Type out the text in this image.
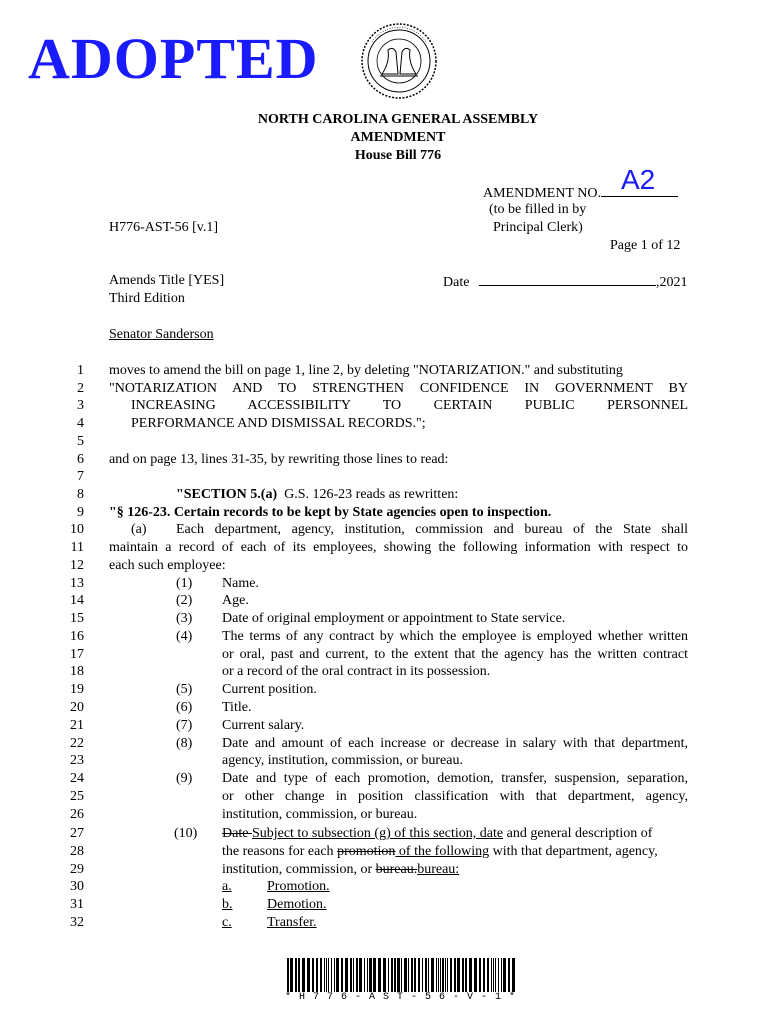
ADOPTED
NORTH CAROLINA GENERAL ASSEMBLY
AMENDMENT
House Bill 776
AMENDMENT NO. A2
(to be filled in by
Principal Clerk)
H776-AST-56 [v.1]
Page 1 of 12
Amends Title [YES]
Third Edition
Date	,2021
Senator Sanderson
1
2
3
4
5
6
7
8
9
10
11
12
13
14
15
16
17
18
19
20
21
22
23
24
25
26
27
28
29
30
31
32
moves to amend the bill on page 1, line 2, by deleting "NOTARIZATION." and substituting
"NOTARIZATION AND TO STRENGTHEN CONFIDENCE IN GOVERNMENT BY
INCREASING ACCESSIBILITY TO CERTAIN PUBLIC PERSONNEL
PERFORMANCE AND DISMISSAL RECORDS.";
and on page 13, lines 31-35, by rewriting those lines to read:
"SECTION 5.(a) G.S. 126-23 reads as rewritten:
"§ 126-23. Certain records to be kept by State agencies open to inspection.
(a) Each department, agency, institution, commission and bureau of the State shall
maintain a record of each of its employees, showing the following information with respect to
each such employee:
(1) Name.
(2) Age.
(3) Date of original employment or appointment to State service.
(4) The terms of any contract by which the employee is employed whether written
or oral, past and current, to the extent that the agency has the written contract
or a record of the oral contract in its possession.
(5) Current position.
(6) Title.
(7) Current salary.
(8) Date and amount of each increase or decrease in salary with that department,
agency, institution, commission, or bureau.
(9) Date and type of each promotion, demotion, transfer, suspension, separation,
or other change in position classification with that department, agency,
institution, commission, or bureau.
(10) Date Subject to subsection (g) of this section, date and general description of
the reasons for each promotion of the following with that department, agency,
institution, commission, or bureau.bureau:
a.	Promotion.
b. Demotion.
c.	Transfer.
* H 7 7 6 - A S T - 5 6 - V - 1 *
